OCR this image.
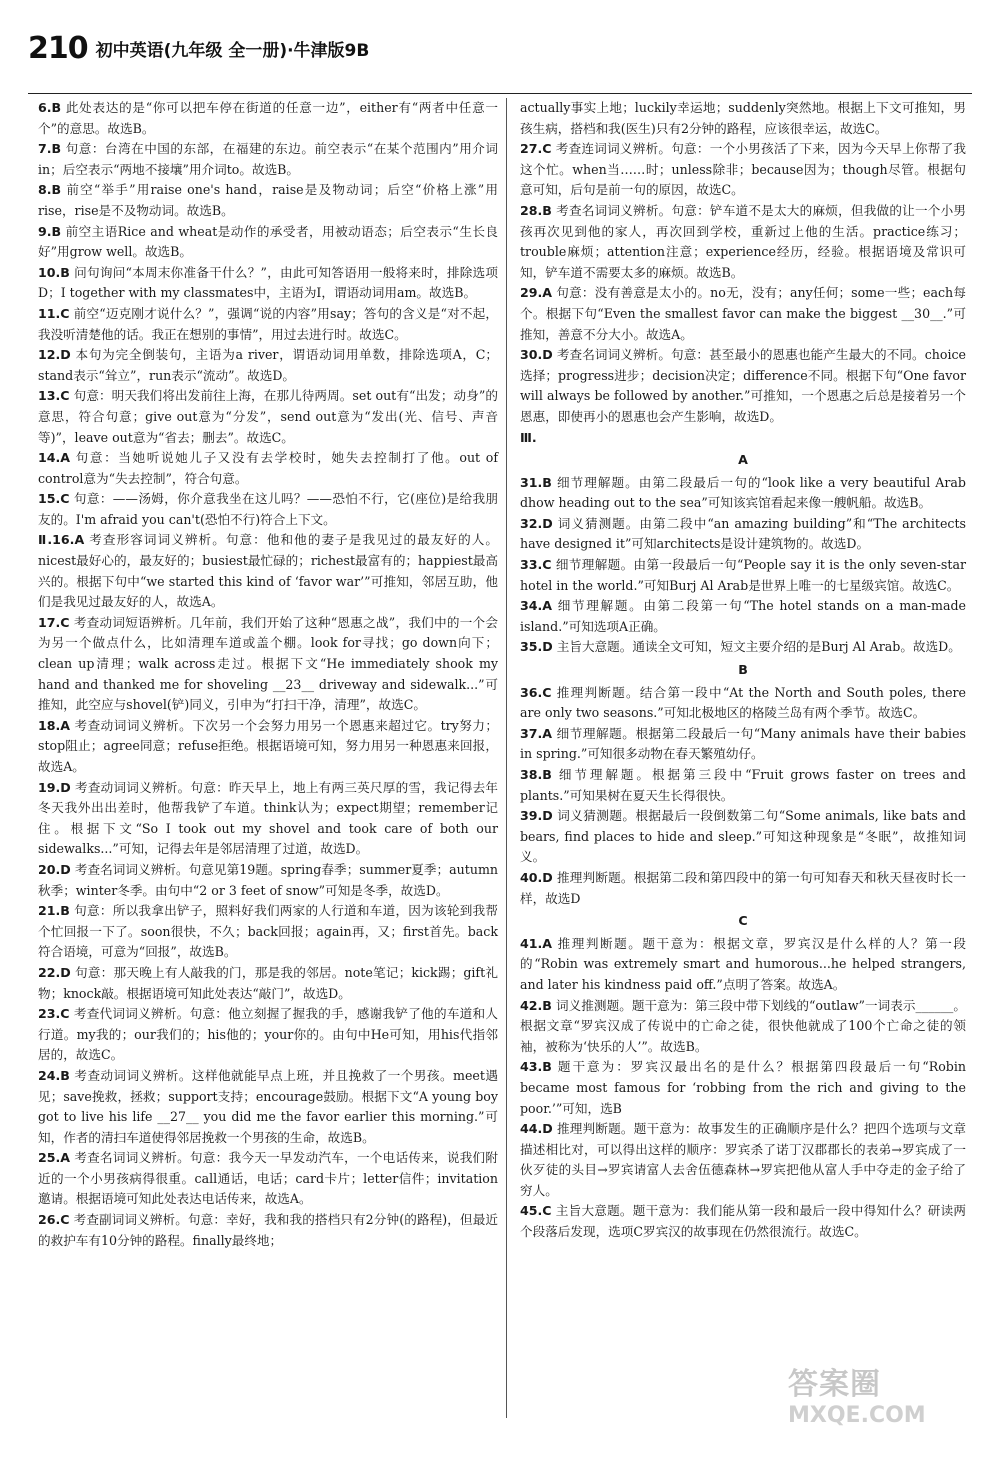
210 初中英语(九年级 全一册)·牛津版9B
6.B 此处表达的是“你可以把车停在街道的任意一边”，either有“两者中任意一个”的意思。故选B。
7.B 句意：台湾在中国的东部，在福建的东边。前空表示“在某个范围内”用介词in；后空表示“两地不接壤”用介词to。故选B。
8.B 前空“举手”用raise one's hand，raise是及物动词；后空“价格上涨”用rise，rise是不及物动词。故选B。
9.B 前空主语Rice and wheat是动作的承受者，用被动语态；后空表示“生长良好”用grow well。故选B。
10.B 问句询问“本周末你准备干什么？”，由此可知答语用一般将来时，排除选项D；I together with my classmates中，主语为I，谓语动词用am。故选B。
11.C 前空“迈克刚才说什么？”，强调“说的内容”用say；答句的含义是“对不起，我没听清楚他的话。我正在想别的事情”，用过去进行时。故选C。
12.D 本句为完全倒装句，主语为a river，谓语动词用单数，排除选项A，C；stand表示“耸立”，run表示“流动”。故选D。
13.C 句意：明天我们将出发前往上海，在那儿待两周。set out有“出发；动身”的意思，符合句意；give out意为“分发”，send out意为“发出(光、信号、声音等)”，leave out意为“省去；删去”。故选C。
14.A 句意：当她听说她儿子又没有去学校时，她失去控制打了他。out of control意为“失去控制”，符合句意。
15.C 句意：——汤姆，你介意我坐在这儿吗？——恐怕不行，它(座位)是给我朋友的。I'm afraid you can't(恐怕不行)符合上下文。
Ⅱ.16.A 考查形容词词义辨析。句意：他和他的妻子是我见过的最友好的人。nicest最好心的，最友好的；busiest最忙碌的；richest最富有的；happiest最高兴的。根据下句中“we started this kind of ‘favor war’”可推知，邻居互助，他们是我见过最友好的人，故选A。
17.C 考查动词短语辨析。几年前，我们开始了这种“恩惠之战”，我们中的一个会为另一个做点什么，比如清理车道或盖个棚。look for寻找；go down向下；clean up清理；walk across走过。根据下文“He immediately shook my hand and thanked me for shoveling __23__ driveway and sidewalk...”可推知，此空应与shovel(铲)同义，引申为“打扫干净，清理”，故选C。
18.A 考查动词词义辨析。下次另一个会努力用另一个恩惠来超过它。try努力；stop阻止；agree同意；refuse拒绝。根据语境可知，努力用另一种恩惠来回报，故选A。
19.D 考查动词词义辨析。句意：昨天早上，地上有两三英尺厚的雪，我记得去年冬天我外出出差时，他帮我铲了车道。think认为；expect期望；remember记住。根据下文“So I took out my shovel and took care of both our sidewalks...”可知，记得去年是邻居清理了过道，故选D。
20.D 考查名词词义辨析。句意见第19题。spring春季；summer夏季；autumn秋季；winter冬季。由句中“2 or 3 feet of snow”可知是冬季，故选D。
21.B 句意：所以我拿出铲子，照料好我们两家的人行道和车道，因为该轮到我帮个忙回报一下了。soon很快，不久；back回报；again再，又；first首先。back符合语境，可意为“回报”，故选B。
22.D 句意：那天晚上有人敲我的门，那是我的邻居。note笔记；kick踢；gift礼物；knock敲。根据语境可知此处表达“敲门”，故选D。
23.C 考查代词词义辨析。句意：他立刻握了握我的手，感谢我铲了他的车道和人行道。my我的；our我们的；his他的；your你的。由句中He可知，用his代指邻居的，故选C。
24.B 考查动词词义辨析。这样他就能早点上班，并且挽救了一个男孩。meet遇见；save挽救，拯救；support支持；encourage鼓励。根据下文“A young boy got to live his life __27__ you did me the favor earlier this morning.”可知，作者的清扫车道使得邻居挽救一个男孩的生命，故选B。
25.A 考查名词词义辨析。句意：我今天一早发动汽车，一个电话传来，说我们附近的一个小男孩病得很重。call通话，电话；card卡片；letter信件；invitation邀请。根据语境可知此处表达电话传来，故选A。
26.C 考查副词词义辨析。句意：幸好，我和我的搭档只有2分钟(的路程)，但最近的救护车有10分钟的路程。finally最终地；
actually事实上地；luckily幸运地；suddenly突然地。根据上下文可推知，男孩生病，搭档和我(医生)只有2分钟的路程，应该很幸运，故选C。
27.C 考查连词词义辨析。句意：一个小男孩活了下来，因为今天早上你帮了我这个忙。when当……时；unless除非；because因为；though尽管。根据句意可知，后句是前一句的原因，故选C。
28.B 考查名词词义辨析。句意：铲车道不是太大的麻烦，但我做的让一个小男孩再次见到他的家人，再次回到学校，重新过上他的生活。practice练习；trouble麻烦；attention注意；experience经历，经验。根据语境及常识可知，铲车道不需要太多的麻烦。故选B。
29.A 句意：没有善意是太小的。no无，没有；any任何；some一些；each每个。根据下句“Even the smallest favor can make the biggest __30__.”可推知，善意不分大小。故选A。
30.D 考查名词词义辨析。句意：甚至最小的恩惠也能产生最大的不同。choice选择；progress进步；decision决定；difference不同。根据下句“One favor will always be followed by another.”可推知，一个恩惠之后总是接着另一个恩惠，即使再小的恩惠也会产生影响，故选D。
Ⅲ.
A
31.B 细节理解题。由第二段最后一句的“look like a very beautiful Arab dhow heading out to the sea”可知该宾馆看起来像一艘帆船。故选B。
32.D 词义猜测题。由第二段中“an amazing building”和“The architects have designed it”可知architects是设计建筑物的。故选D。
33.C 细节理解题。由第一段最后一句“People say it is the only seven-star hotel in the world.”可知Burj Al Arab是世界上唯一的七星级宾馆。故选C。
34.A 细节理解题。由第二段第一句“The hotel stands on a man-made island.”可知选项A正确。
35.D 主旨大意题。通读全文可知，短文主要介绍的是Burj Al Arab。故选D。
B
36.C 推理判断题。结合第一段中“At the North and South poles, there are only two seasons.”可知北极地区的格陵兰岛有两个季节。故选C。
37.A 细节理解题。根据第二段最后一句“Many animals have their babies in spring.”可知很多动物在春天繁殖幼仔。
38.B 细节理解题。根据第三段中“Fruit grows faster on trees and plants.”可知果树在夏天生长得很快。
39.D 词义猜测题。根据最后一段倒数第二句“Some animals, like bats and bears, find places to hide and sleep.”可知这种现象是“冬眠”，故推知词义。
40.D 推理判断题。根据第二段和第四段中的第一句可知春天和秋天昼夜时长一样，故选D
C
41.A 推理判断题。题干意为：根据文章，罗宾汉是什么样的人？第一段的“Robin was extremely smart and humorous...he helped strangers, and later his kindness paid off.”点明了答案。故选A。
42.B 词义推测题。题干意为：第三段中带下划线的“outlaw”一词表示______。根据文章“罗宾汉成了传说中的亡命之徒，很快他就成了100个亡命之徒的领袖，被称为‘快乐的人’”。故选B。
43.B 题干意为：罗宾汉最出名的是什么？根据第四段最后一句“Robin became most famous for ‘robbing from the rich and giving to the poor.’”可知，选B
44.D 推理判断题。题干意为：故事发生的正确顺序是什么？把四个选项与文章描述相比对，可以得出这样的顺序：罗宾杀了诺丁汉郡郡长的表弟→罗宾成了一伙歹徒的头目→罗宾请富人去舍伍德森林→罗宾把他从富人手中夺走的金子给了穷人。
45.C 主旨大意题。题干意为：我们能从第一段和最后一段中得知什么？研读两个段落后发现，选项C罗宾汉的故事现在仍然很流行。故选C。
答案圈
MXQE.COM
